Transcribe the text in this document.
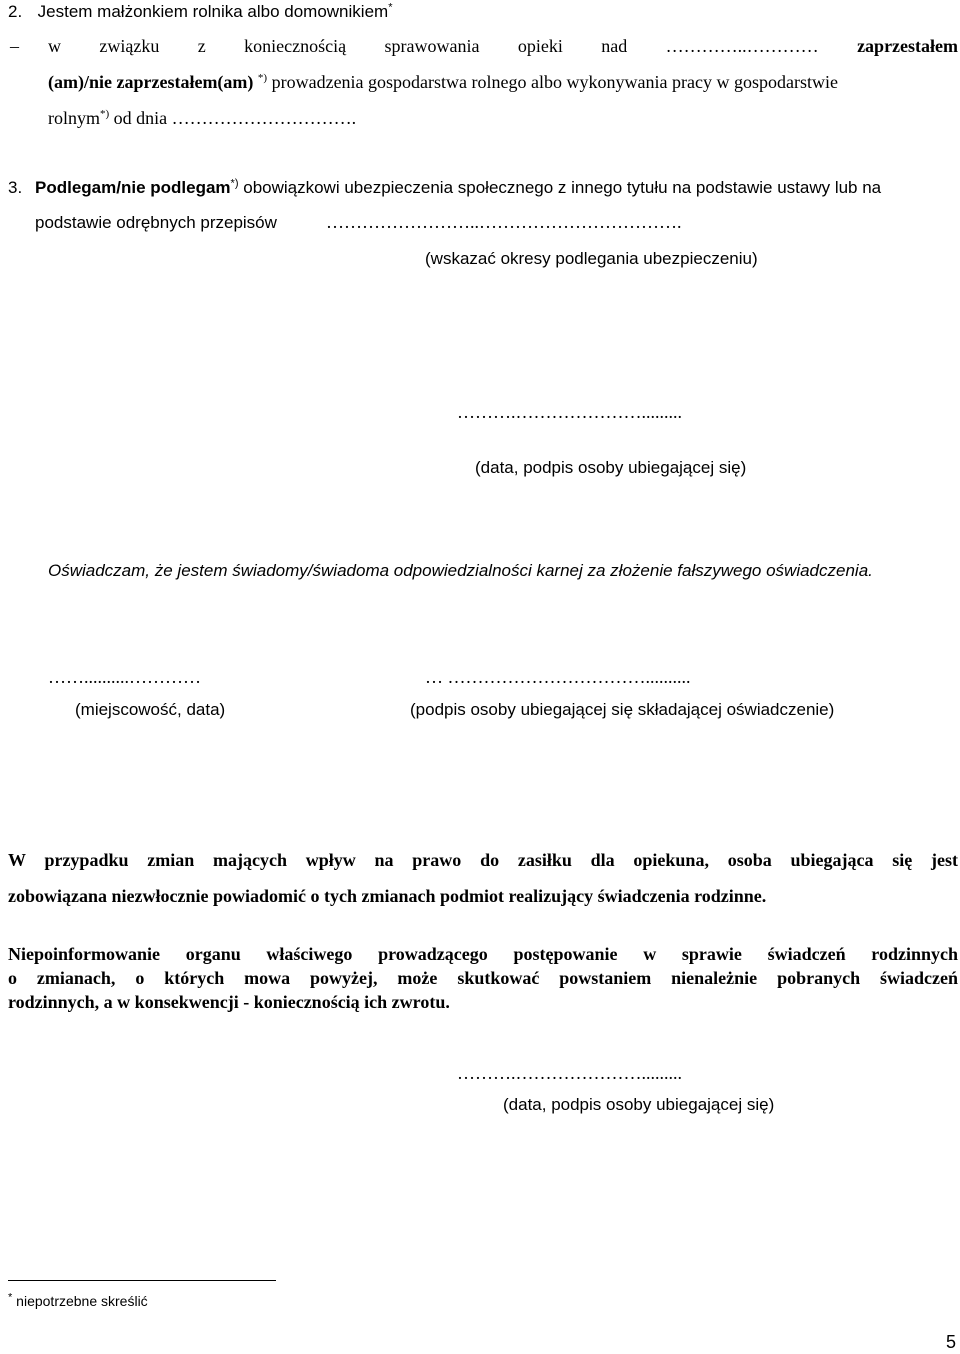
2. Jestem małżonkiem rolnika albo domownikiem*
– w związku z koniecznością sprawowania opieki nad …………..………… zaprzestałem
(am)/nie zaprzestałem(am) *) prowadzenia gospodarstwa rolnego albo wykonywania pracy w gospodarstwie
rolnym*) od dnia ………………………….
3. Podlegam/nie podlegam*) obowiązkowi ubezpieczenia społecznego z innego tytułu na podstawie ustawy lub na
podstawie odrębnych przepisów	……………………..…………………………….
(wskazać okresy podlegania ubezpieczeniu)
……….………………….........
(data, podpis osoby ubiegającej się)
Oświadczam, że jestem świadomy/świadoma odpowiedzialności karnej za złożenie fałszywego oświadczenia.
……..........…………
(miejscowość, data)
… ……………………………..........
(podpis osoby ubiegającej się składającej oświadczenie)
W przypadku zmian mających wpływ na prawo do zasiłku dla opiekuna, osoba ubiegająca się jest
zobowiązana niezwłocznie powiadomić o tych zmianach podmiot realizujący świadczenia rodzinne.
Niepoinformowanie organu właściwego prowadzącego postępowanie w sprawie świadczeń rodzinnych
o zmianach, o których mowa powyżej, może skutkować powstaniem nienależnie pobranych świadczeń
rodzinnych, a w konsekwencji - koniecznością ich zwrotu.
……….………………….........
(data, podpis osoby ubiegającej się)
* niepotrzebne skreślić
5
